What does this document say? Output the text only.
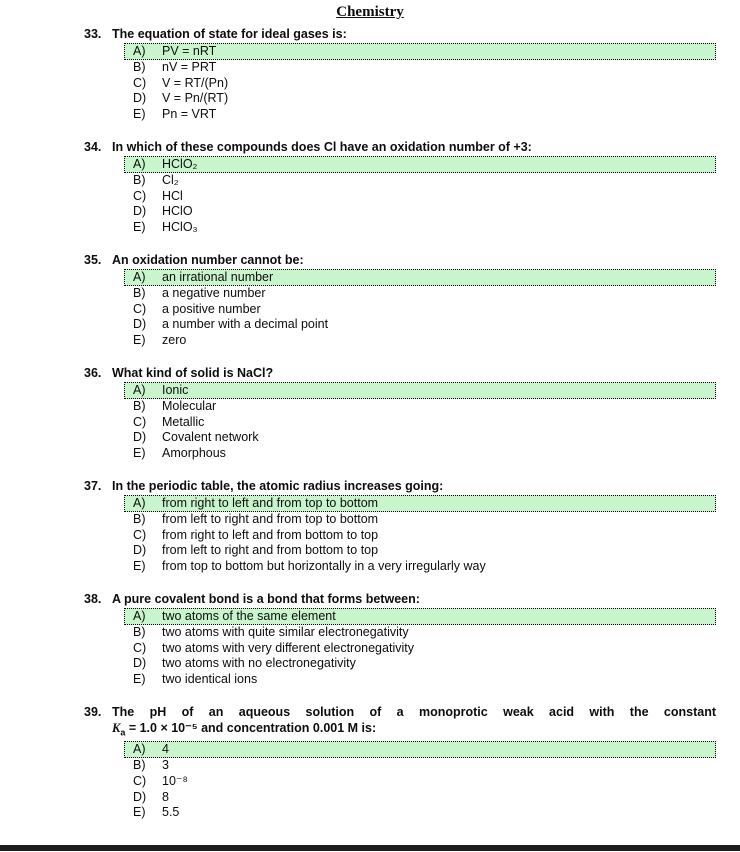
Chemistry
33. The equation of state for ideal gases is:
A)	PV = nRT
B)	nV = PRT
C)	V = RT/(Pn)
D)	V = Pn/(RT)
E)	Pn = VRT
34. In which of these compounds does Cl have an oxidation number of +3:
A)	HClO₂
B)	Cl₂
C)	HCl
D)	HClO
E)	HClO₃
35. An oxidation number cannot be:
A)	an irrational number
B)	a negative number
C)	a positive number
D)	a number with a decimal point
E)	zero
36. What kind of solid is NaCl?
A)	Ionic
B)	Molecular
C)	Metallic
D)	Covalent network
E)	Amorphous
37. In the periodic table, the atomic radius increases going:
A)	from right to left and from top to bottom
B)	from left to right and from top to bottom
C)	from right to left and from bottom to top
D)	from left to right and from bottom to top
E)	from top to bottom but horizontally in a very irregularly way
38. A pure covalent bond is a bond that forms between:
A)	two atoms of the same element
B)	two atoms with quite similar electronegativity
C)	two atoms with very different electronegativity
D)	two atoms with no electronegativity
E)	two identical ions
39. The pH of an aqueous solution of a monoprotic weak acid with the constant
$K_a = 1.0 \times 10^{-5}$ and concentration 0.001 M is:
A)	4
B)	3
C)	10⁻⁸
D)	8
E)	5.5
